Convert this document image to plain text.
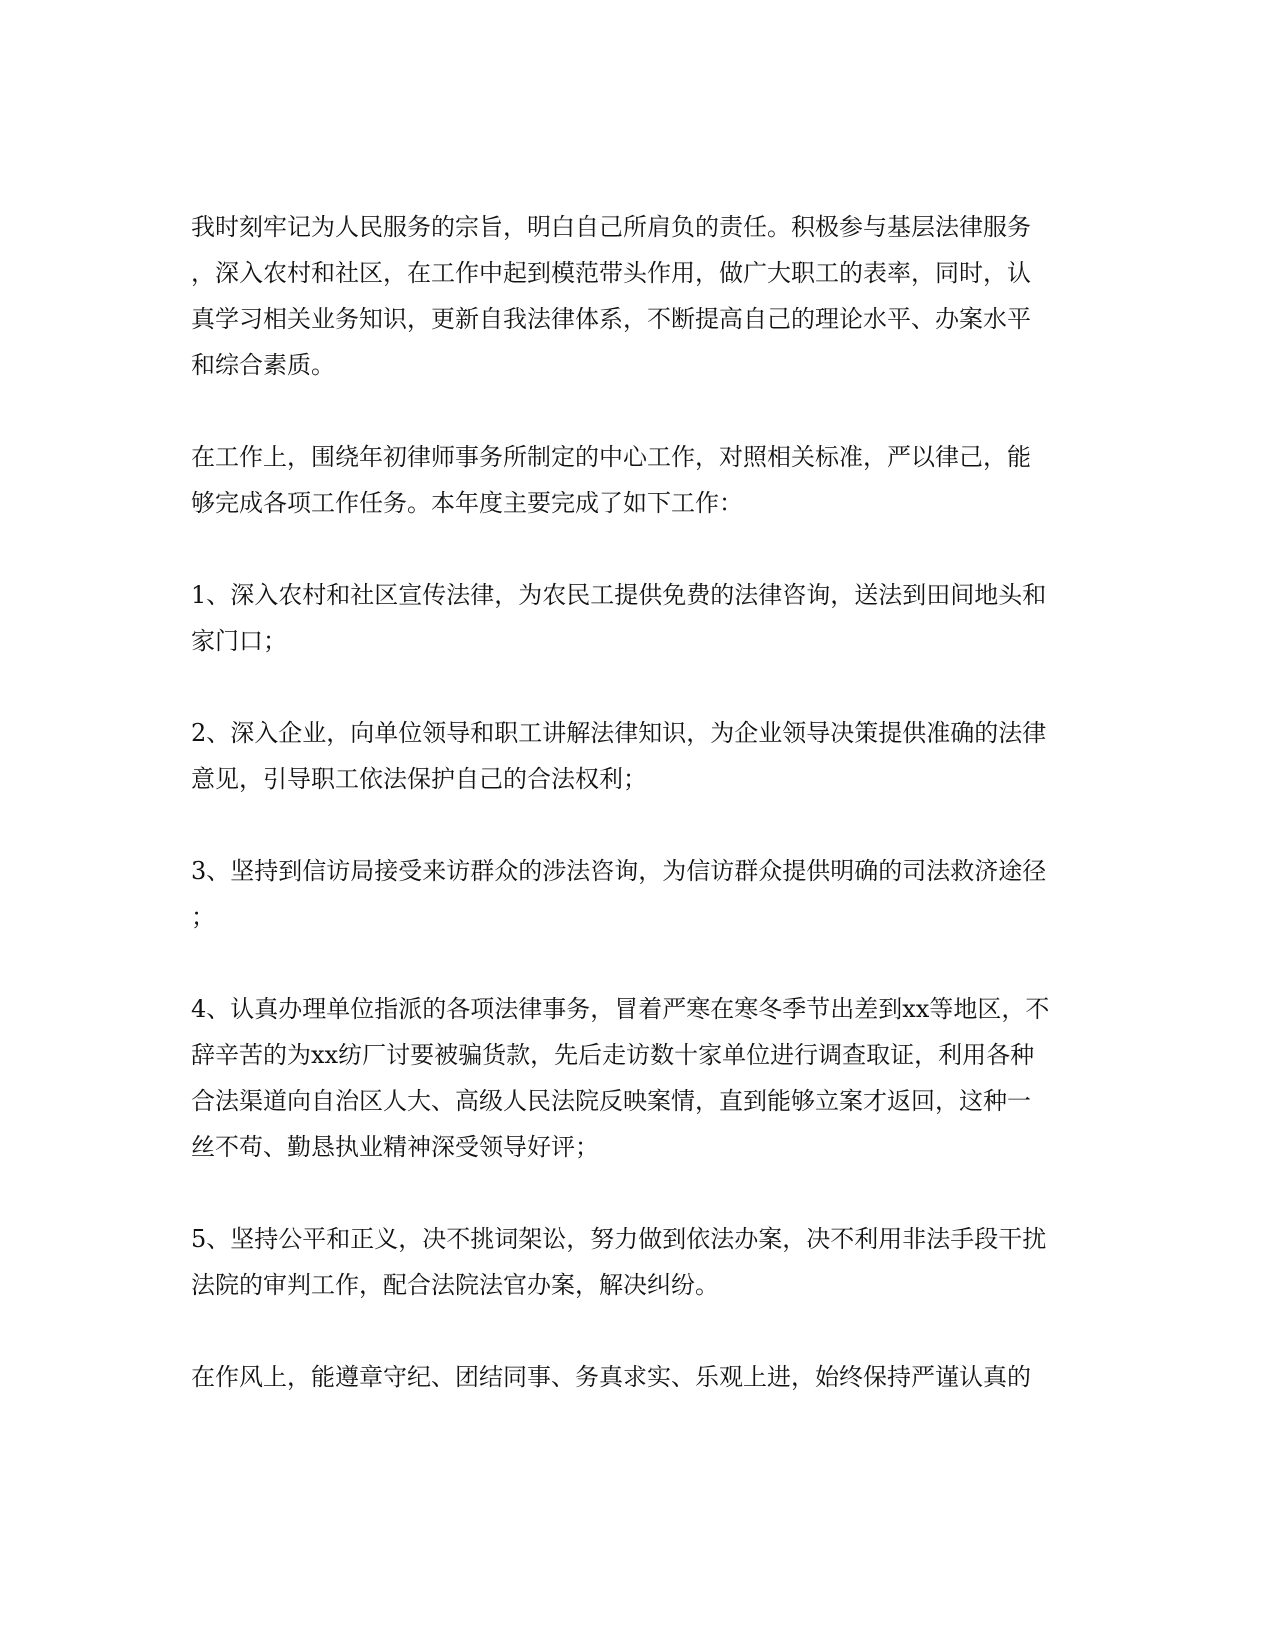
我时刻牢记为人民服务的宗旨，明白自己所肩负的责任。积极参与基层法律服务
，深入农村和社区，在工作中起到模范带头作用，做广大职工的表率，同时，认
真学习相关业务知识，更新自我法律体系，不断提高自己的理论水平、办案水平
和综合素质。

在工作上，围绕年初律师事务所制定的中心工作，对照相关标准，严以律己，能
够完成各项工作任务。本年度主要完成了如下工作：

1、深入农村和社区宣传法律，为农民工提供免费的法律咨询，送法到田间地头和
家门口；

2、深入企业，向单位领导和职工讲解法律知识，为企业领导决策提供准确的法律
意见，引导职工依法保护自己的合法权利；

3、坚持到信访局接受来访群众的涉法咨询，为信访群众提供明确的司法救济途径
；

4、认真办理单位指派的各项法律事务，冒着严寒在寒冬季节出差到xx等地区，不
辞辛苦的为xx纺厂讨要被骗货款，先后走访数十家单位进行调查取证，利用各种
合法渠道向自治区人大、高级人民法院反映案情，直到能够立案才返回，这种一
丝不苟、勤恳执业精神深受领导好评；

5、坚持公平和正义，决不挑词架讼，努力做到依法办案，决不利用非法手段干扰
法院的审判工作，配合法院法官办案，解决纠纷。

在作风上，能遵章守纪、团结同事、务真求实、乐观上进，始终保持严谨认真的
